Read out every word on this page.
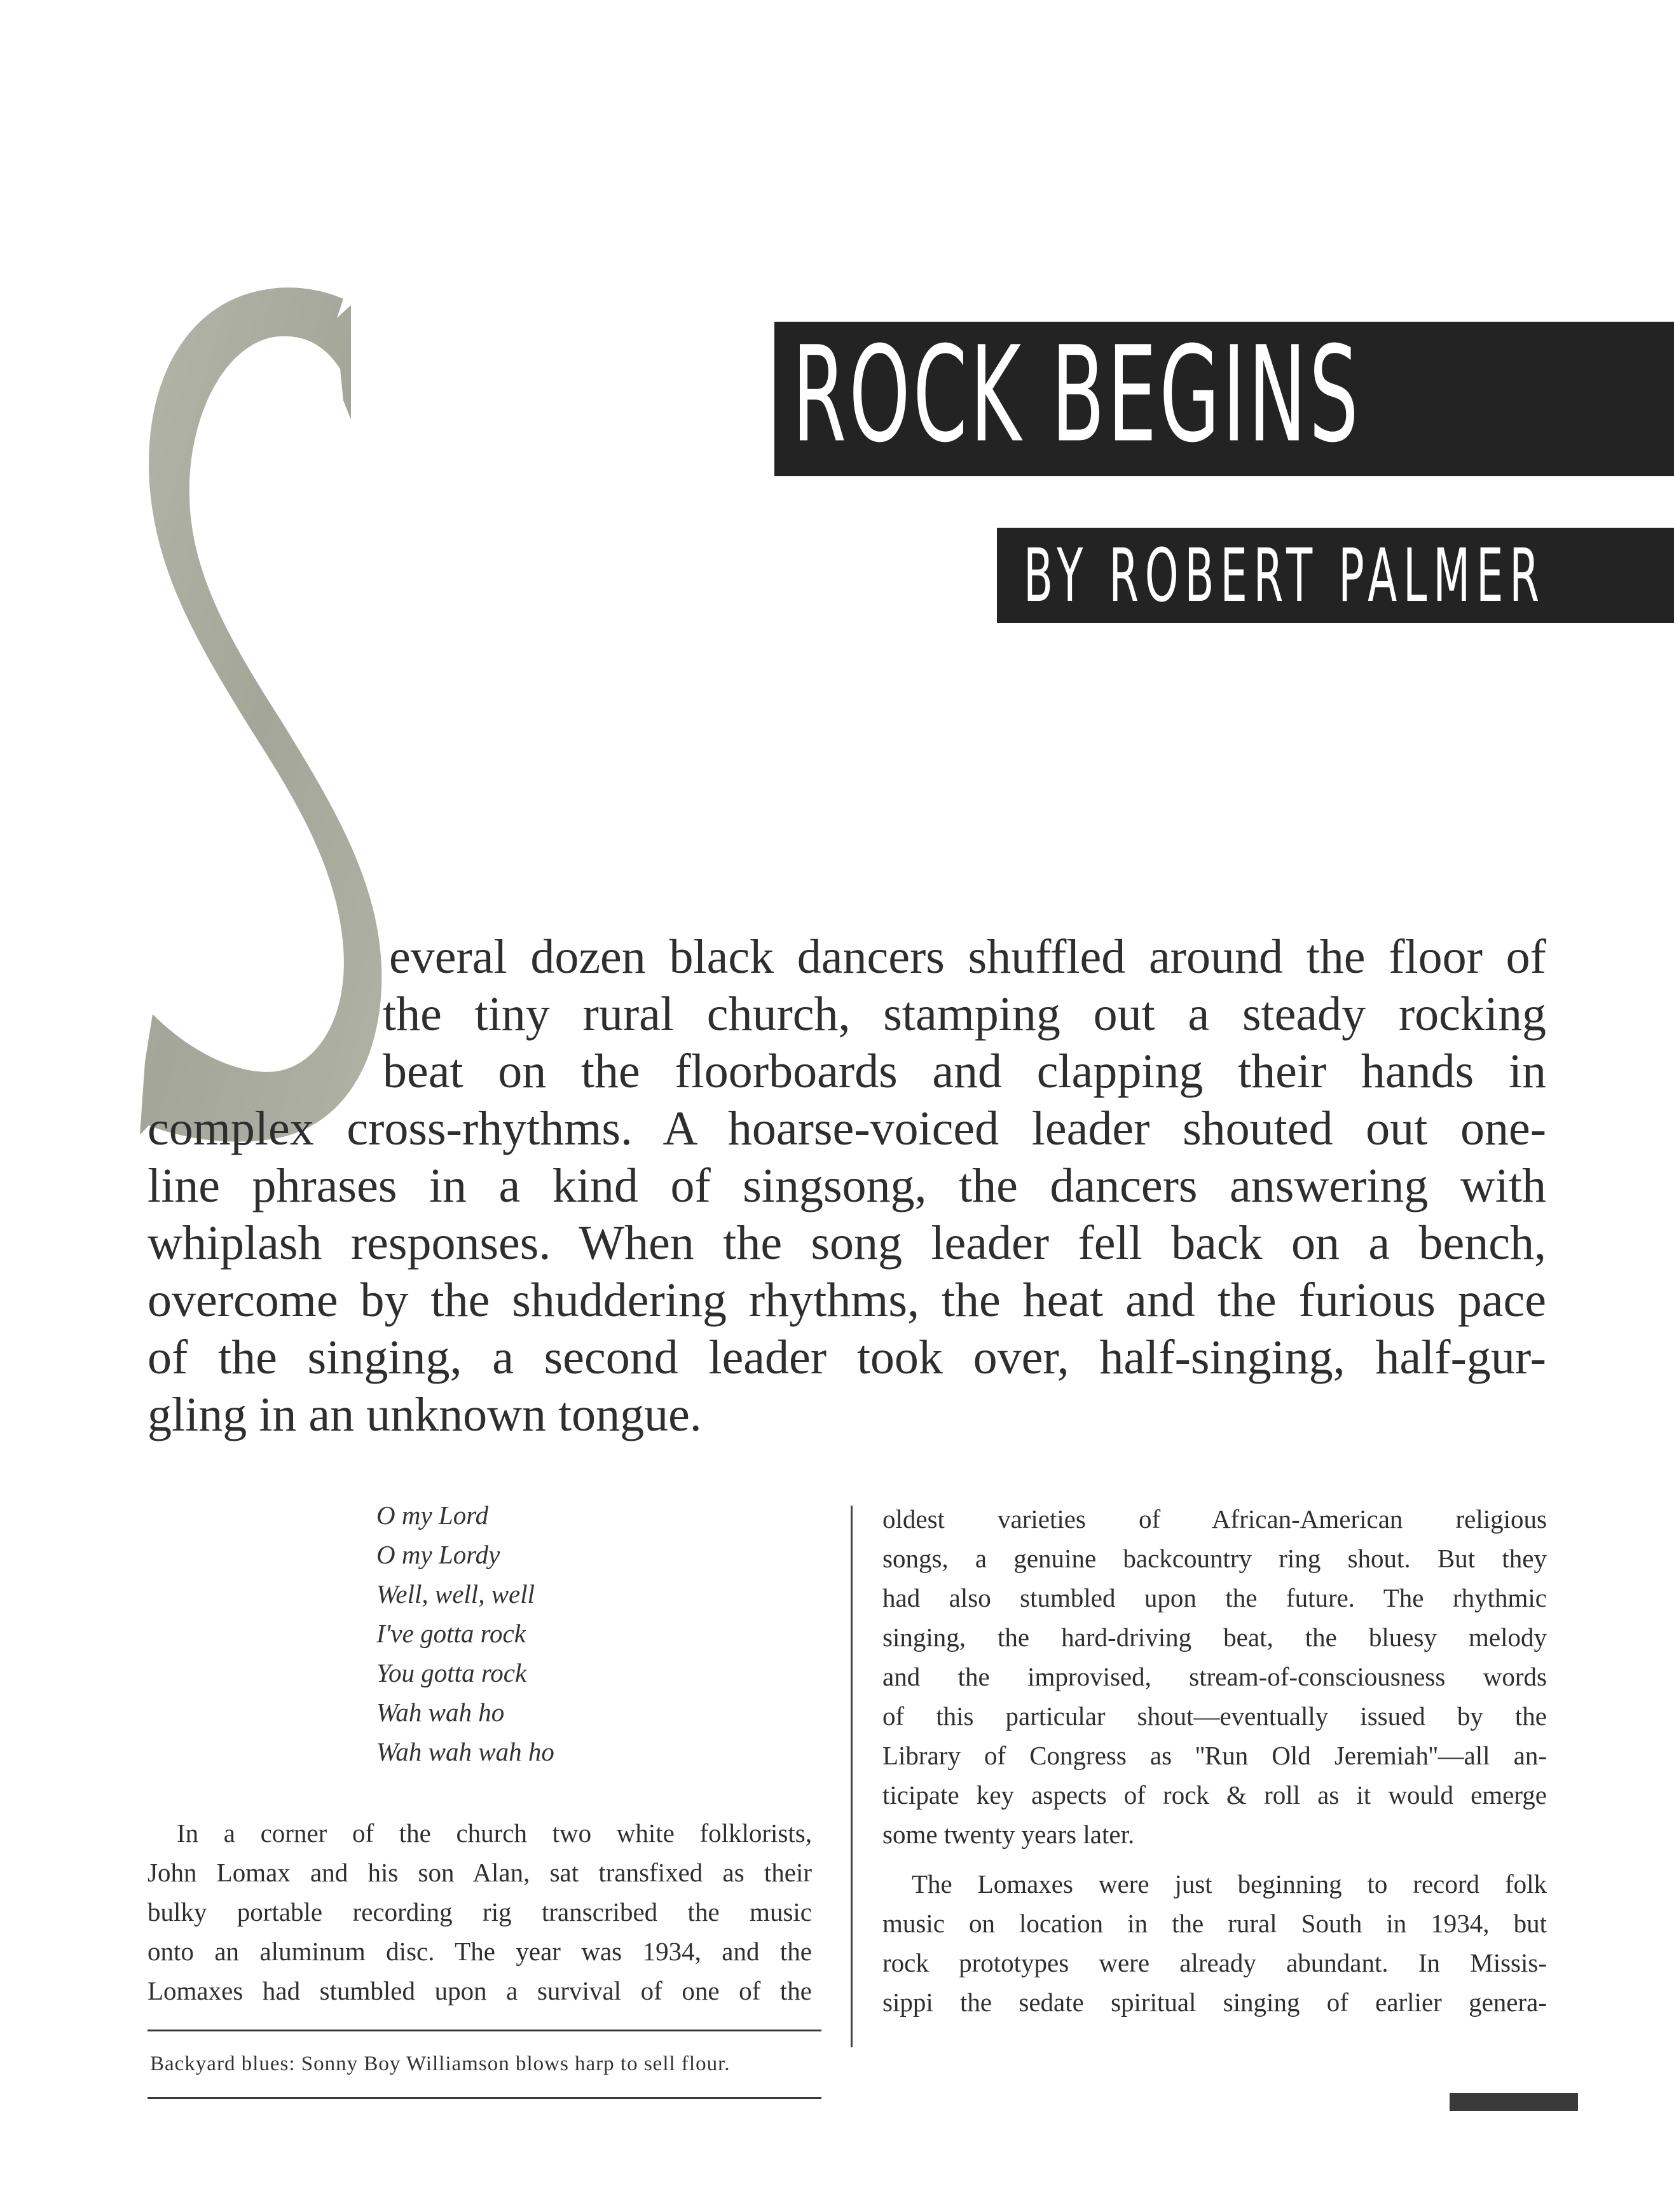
ROCK BEGINS
BY ROBERT PALMER
everal dozen black dancers shuffled around the floor of
the tiny rural church, stamping out a steady rocking
beat on the floorboards and clapping their hands in
complex cross-rhythms. A hoarse-voiced leader shouted out one-
line phrases in a kind of singsong, the dancers answering with
whiplash responses. When the song leader fell back on a bench,
overcome by the shuddering rhythms, the heat and the furious pace
of the singing, a second leader took over, half-singing, half-gur-
gling in an unknown tongue.
O my Lord
O my Lordy
Well, well, well
I've gotta rock
You gotta rock
Wah wah ho
Wah wah wah ho
In a corner of the church two white folklorists,
John Lomax and his son Alan, sat transfixed as their
bulky portable recording rig transcribed the music
onto an aluminum disc. The year was 1934, and the
Lomaxes had stumbled upon a survival of one of the
oldest varieties of African-American religious
songs, a genuine backcountry ring shout. But they
had also stumbled upon the future. The rhythmic
singing, the hard-driving beat, the bluesy melody
and the improvised, stream-of-consciousness words
of this particular shout—eventually issued by the
Library of Congress as ''Run Old Jeremiah''—all an-
ticipate key aspects of rock & roll as it would emerge
some twenty years later.
The Lomaxes were just beginning to record folk
music on location in the rural South in 1934, but
rock prototypes were already abundant. In Missis-
sippi the sedate spiritual singing of earlier genera-

Backyard blues: Sonny Boy Williamson blows harp to sell flour.
